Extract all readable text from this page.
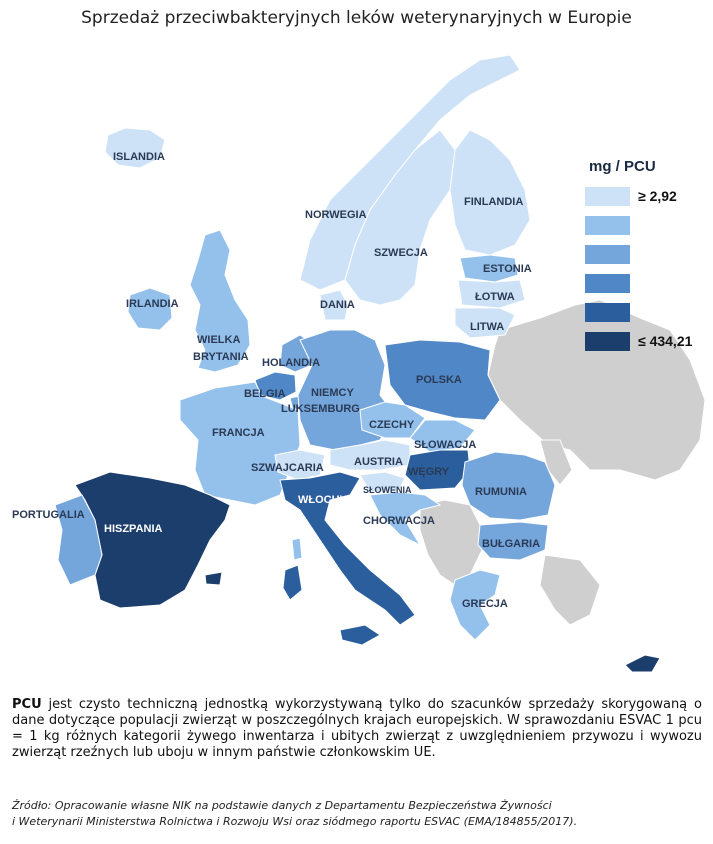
Sprzedaż przeciwbakteryjnych leków weterynaryjnych w Europie
ISLANDIA
NORWEGIA
SZWECJA
FINLANDIA
ESTONIA
ŁOTWA
LITWA
DANIA
IRLANDIA
WIELKA
BRYTANIA HOLANDIA
BELGIA
LUKSEMBURG
NIEMCY
POLSKA
CZECHY
SŁOWACJA
FRANCJA
SZWAJCARIA	AUSTRIA
WĘGRY
SŁOWENIA
CHORWACJA
RUMUNIA
WŁOCHY
BUŁGARIA
PORTUGALIA
HISZPANIA
GRECJA
mg / PCU
≥ 2,92
≤ 434,21
PCU jest czysto techniczną jednostką wykorzystywaną tylko do szacunków sprzedaży skorygowaną o dane dotyczące populacji zwierząt w poszczególnych krajach europejskich. W sprawozdaniu ESVAC 1 pcu = 1 kg różnych kategorii żywego inwentarza i ubitych zwierząt z uwzględnieniem przywozu i wywozu zwierząt rzeźnych lub uboju w innym państwie członkowskim UE.
Źródło: Opracowanie własne NIK na podstawie danych z Departamentu Bezpieczeństwa Żywności
i Weterynarii Ministerstwa Rolnictwa i Rozwoju Wsi oraz siódmego raportu ESVAC (EMA/184855/2017).
